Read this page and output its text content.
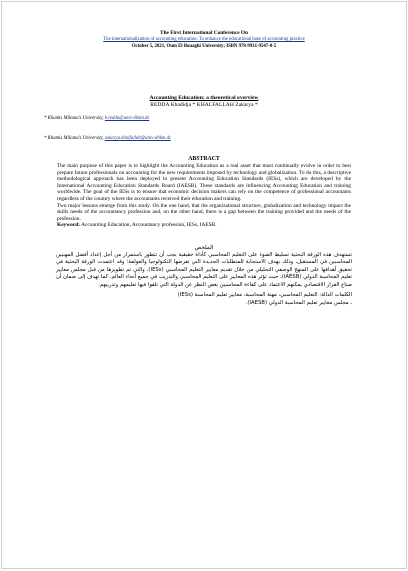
The First International Conference On
The internationalization of accounting education: To enhance the educational base of accounting practice
October 5, 2021, Oum El Bouaghi University; ISBN 978-9931-9547-0-5
Accounting Education: a theoretical overview
REDDA Khadidja * KHALFALLAH Zakarya *
* Khamis Miliana’s University, k.redda@univ-dbkm.dz
* Khamis Miliana’s University, zakarya.khalfallah@univ-dbkm.dz
ABSTRACT

The main purpose of this paper is to highlight the Accounting Education as a real asset that must continually evolve in order to best prepare future professionals on accounting for the new requirements imposed by technology and globalization. To do this, a descriptive methodological approach has been deployed to present Accounting Education Standards (IESs), which are developed by the International Accounting Education Standards Board (IAESB). These standards are influencing Accounting Education and training worldwide. The goal of the IESs is to ensure that economic decision makers can rely on the competence of professional accountants regardless of the country where the accountants received their education and training.

Two major lessons emerge from this study. On the one hand, that the organizational structure, globalization and technology impact the skills needs of the accountancy profession and, on the other hand, there is a gap between the training provided and the needs of the profession.

Keyword: Accounting Education, Accountancy profession, IESs, IAESB.
الملخص
تستهدف هذه الورقة البحثية تسليط الضوء على التعليم المحاسبي كأداة حقيقية يجب أن تتطور باستمرار من أجل إعداد أفضل المهنيين المحاسبين في المستقبل، وذلك بهدف الاستجابة للمتطلبات الجديدة التي تفرضها التكنولوجيا والعولمة؛ وقد اعتمدت الورقة البحثية في تحقيق أهدافها على المنهج الوصفي التحليلي من خلال تقديم معايير التعليم المحاسبي (IESs)، والتي تم تطويرها من قبل مجلس معايير تعليم المحاسبة الدولي (IAESB)، حيث تؤثر هذه المعايير على التعليم المحاسبي والتدريب في جميع أنحاء العالم، كما تهدف إلى ضمان أن صناع القرار الاقتصادي يمكنهم الاعتماد على كفاءة المحاسبين بغض النظر عن الدولة التي تلقوا فيها تعليمهم وتدريبهم.
الكلمات الدالة: التعليم المحاسبي، مهنة المحاسبة، معايير تعليم المحاسبة (IESs)
، مجلس معايير تعليم المحاسبة الدولي (IAESB).
